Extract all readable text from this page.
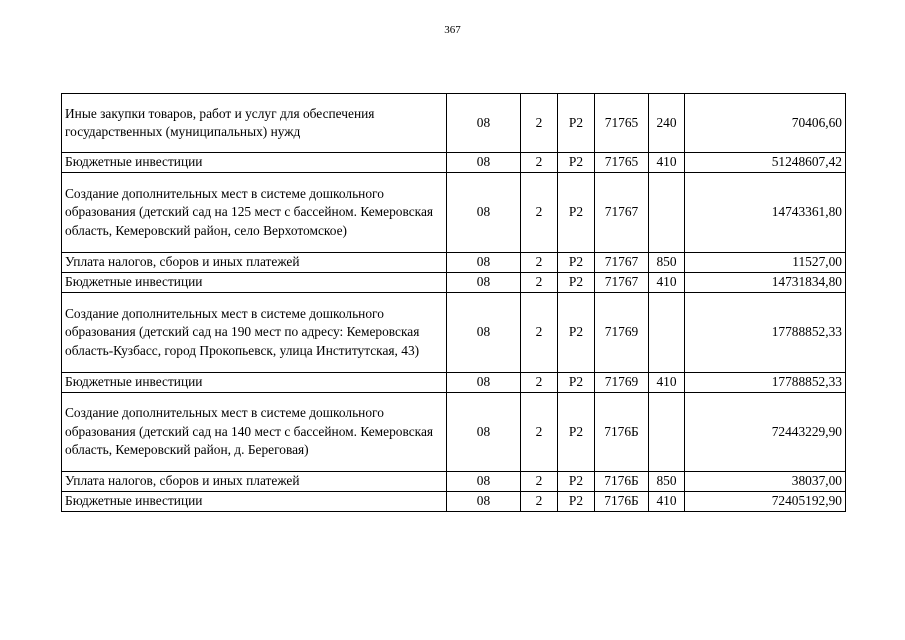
367
Иные закупки товаров, работ и услуг для обеспечения государственных (муниципальных) нужд	08	2	P2	71765	240	70406,60
Бюджетные инвестиции	08	2	P2	71765	410	51248607,42
Создание дополнительных мест в системе дошкольного образования (детский сад на 125 мест с бассейном. Кемеровская область, Кемеровский район, село Верхотомское)	08	2	P2	71767		14743361,80
Уплата налогов, сборов и иных платежей	08	2	P2	71767	850	11527,00
Бюджетные инвестиции	08	2	P2	71767	410	14731834,80
Создание дополнительных мест в системе дошкольного образования (детский сад на 190 мест по адресу: Кемеровская область-Кузбасс, город Прокопьевск, улица Институтская, 43)	08	2	P2	71769		17788852,33
Бюджетные инвестиции	08	2	P2	71769	410	17788852,33
Создание дополнительных мест в системе дошкольного образования (детский сад на 140 мест с бассейном. Кемеровская область, Кемеровский район, д. Береговая)	08	2	P2	7176Б		72443229,90
Уплата налогов, сборов и иных платежей	08	2	P2	7176Б	850	38037,00
Бюджетные инвестиции	08	2	P2	7176Б	410	72405192,90
